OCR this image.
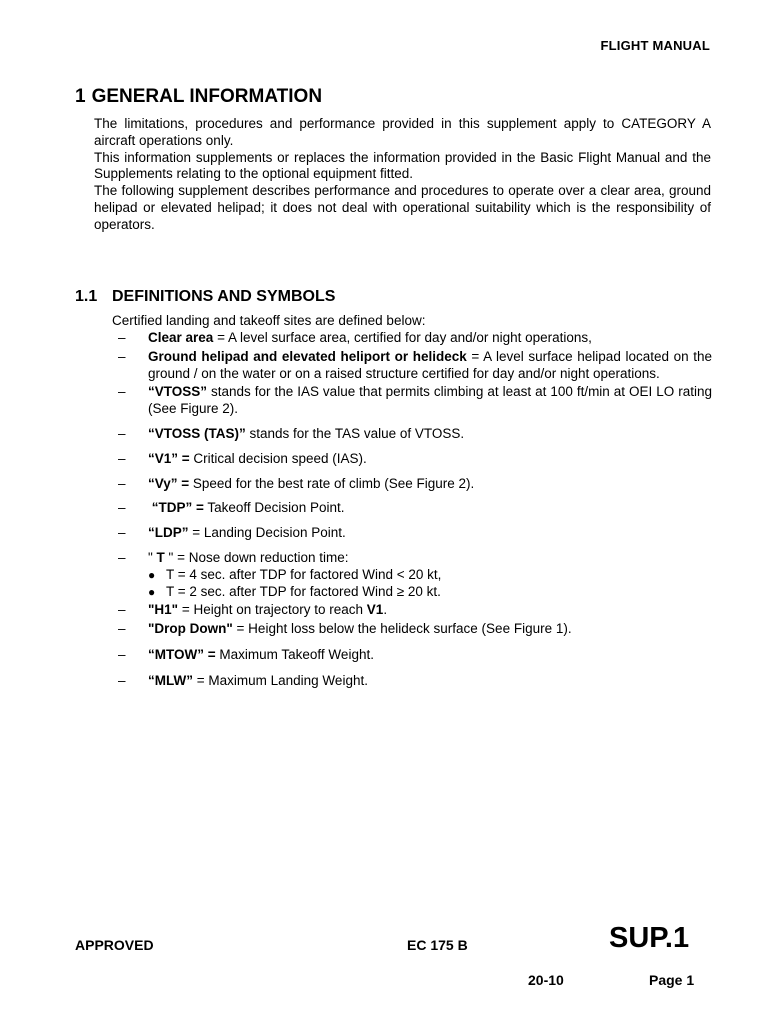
FLIGHT MANUAL
1 GENERAL INFORMATION

The limitations, procedures and performance provided in this supplement apply to CATEGORY A aircraft operations only.

This information supplements or replaces the information provided in the Basic Flight Manual and the Supplements relating to the optional equipment fitted.

The following supplement describes performance and procedures to operate over a clear area, ground helipad or elevated helipad; it does not deal with operational suitability which is the responsibility of operators.

1.1 DEFINITIONS AND SYMBOLS
Certified landing and takeoff sites are defined below:
– Clear area = A level surface area, certified for day and/or night operations,
– Ground helipad and elevated heliport or helideck = A level surface helipad located on the ground / on the water or on a raised structure certified for day and/or night operations.
– “VTOSS” stands for the IAS value that permits climbing at least at 100 ft/min at OEI LO rating (See Figure 2).
– “VTOSS (TAS)” stands for the TAS value of VTOSS.
– “V1” = Critical decision speed (IAS).
– “Vy” = Speed for the best rate of climb (See Figure 2).
– “TDP” = Takeoff Decision Point.
– “LDP” = Landing Decision Point.
– " T " = Nose down reduction time:
● T = 4 sec. after TDP for factored Wind < 20 kt,
● T = 2 sec. after TDP for factored Wind ≥ 20 kt.
– "H1" = Height on trajectory to reach V1.
– "Drop Down" = Height loss below the helideck surface (See Figure 1).
– “MTOW” = Maximum Takeoff Weight.
– “MLW” = Maximum Landing Weight.
APPROVED	EC 175 B	SUP.1
20-10	Page 1
